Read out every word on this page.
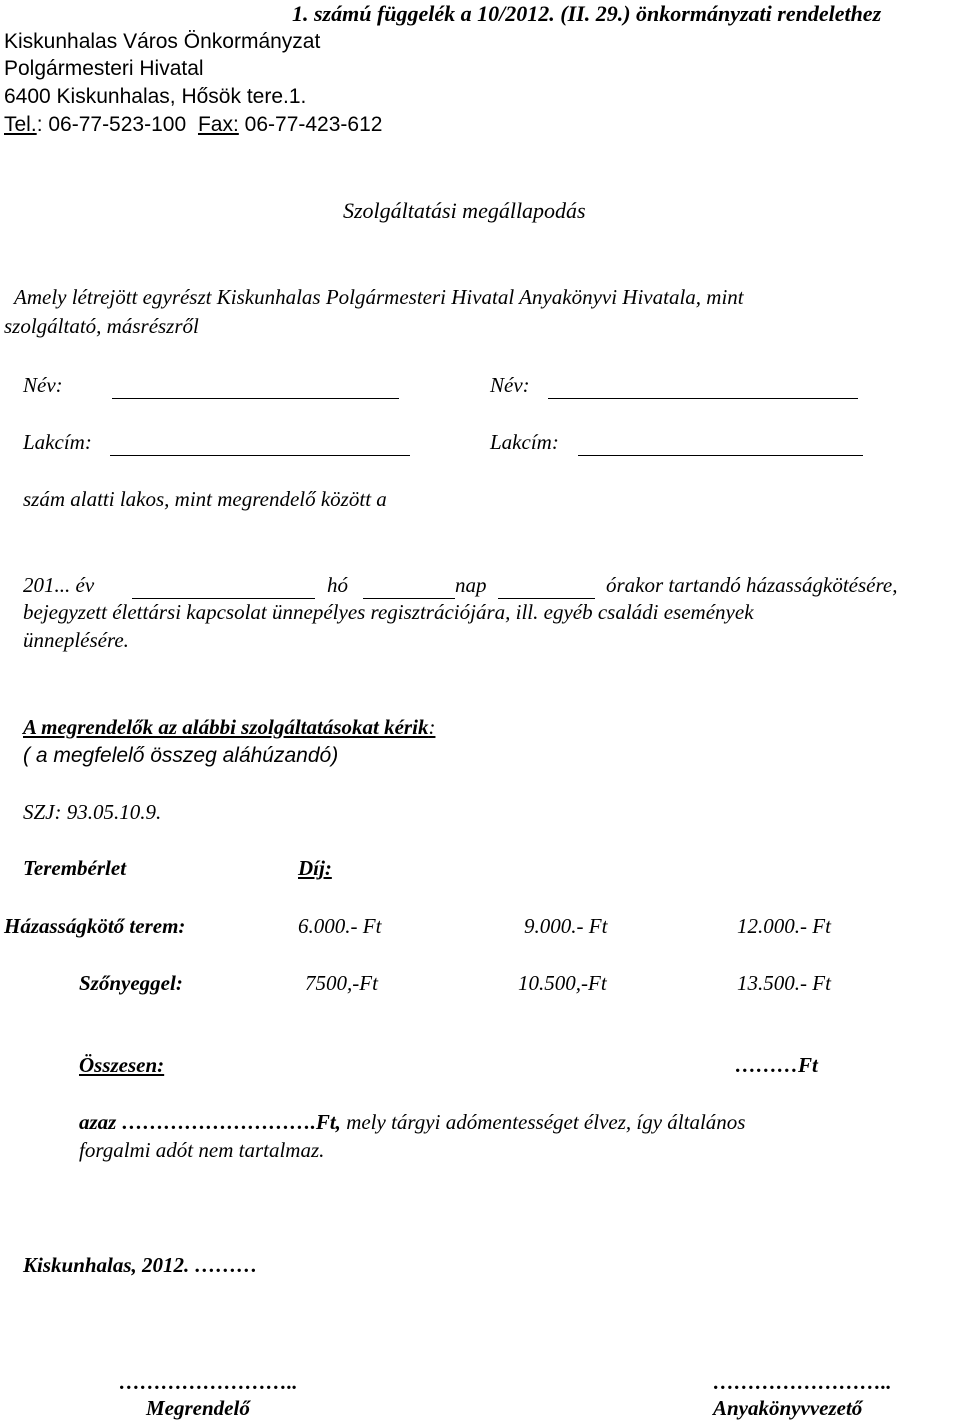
1. számú függelék a 10/2012. (II. 29.) önkormányzati rendelethez
Kiskunhalas Város Önkormányzat
Polgármesteri Hivatal
6400 Kiskunhalas, Hősök tere.1.
Tel.: 06-77-523-100 Fax: 06-77-423-612
Szolgáltatási megállapodás
Amely létrejött egyrészt Kiskunhalas Polgármesteri Hivatal Anyakönyvi Hivatala, mint
szolgáltató, másrészről
Név:	Név:
Lakcím:	Lakcím:
szám alatti lakos, mint megrendelő között a
201... év	hó	nap	órakor tartandó házasságkötésére,
bejegyzett élettársi kapcsolat ünnepélyes regisztrációjára, ill. egyéb családi események
ünneplésére.
A megrendelők az alábbi szolgáltatásokat kérik:
( a megfelelő összeg aláhúzandó)
SZJ: 93.05.10.9.
Terembérlet	Díj:
Házasságkötő terem:	6.000.- Ft	9.000.- Ft	12.000.- Ft
Szőnyeggel:	7500,-Ft	10.500,-Ft	13.500.- Ft
Összesen:	………Ft
azaz ……………………….Ft, mely tárgyi adómentességet élvez, így általános
forgalmi adót nem tartalmaz.
Kiskunhalas, 2012. ………
……………………..
Megrendelő
……………………..
Anyakönyvvezető
